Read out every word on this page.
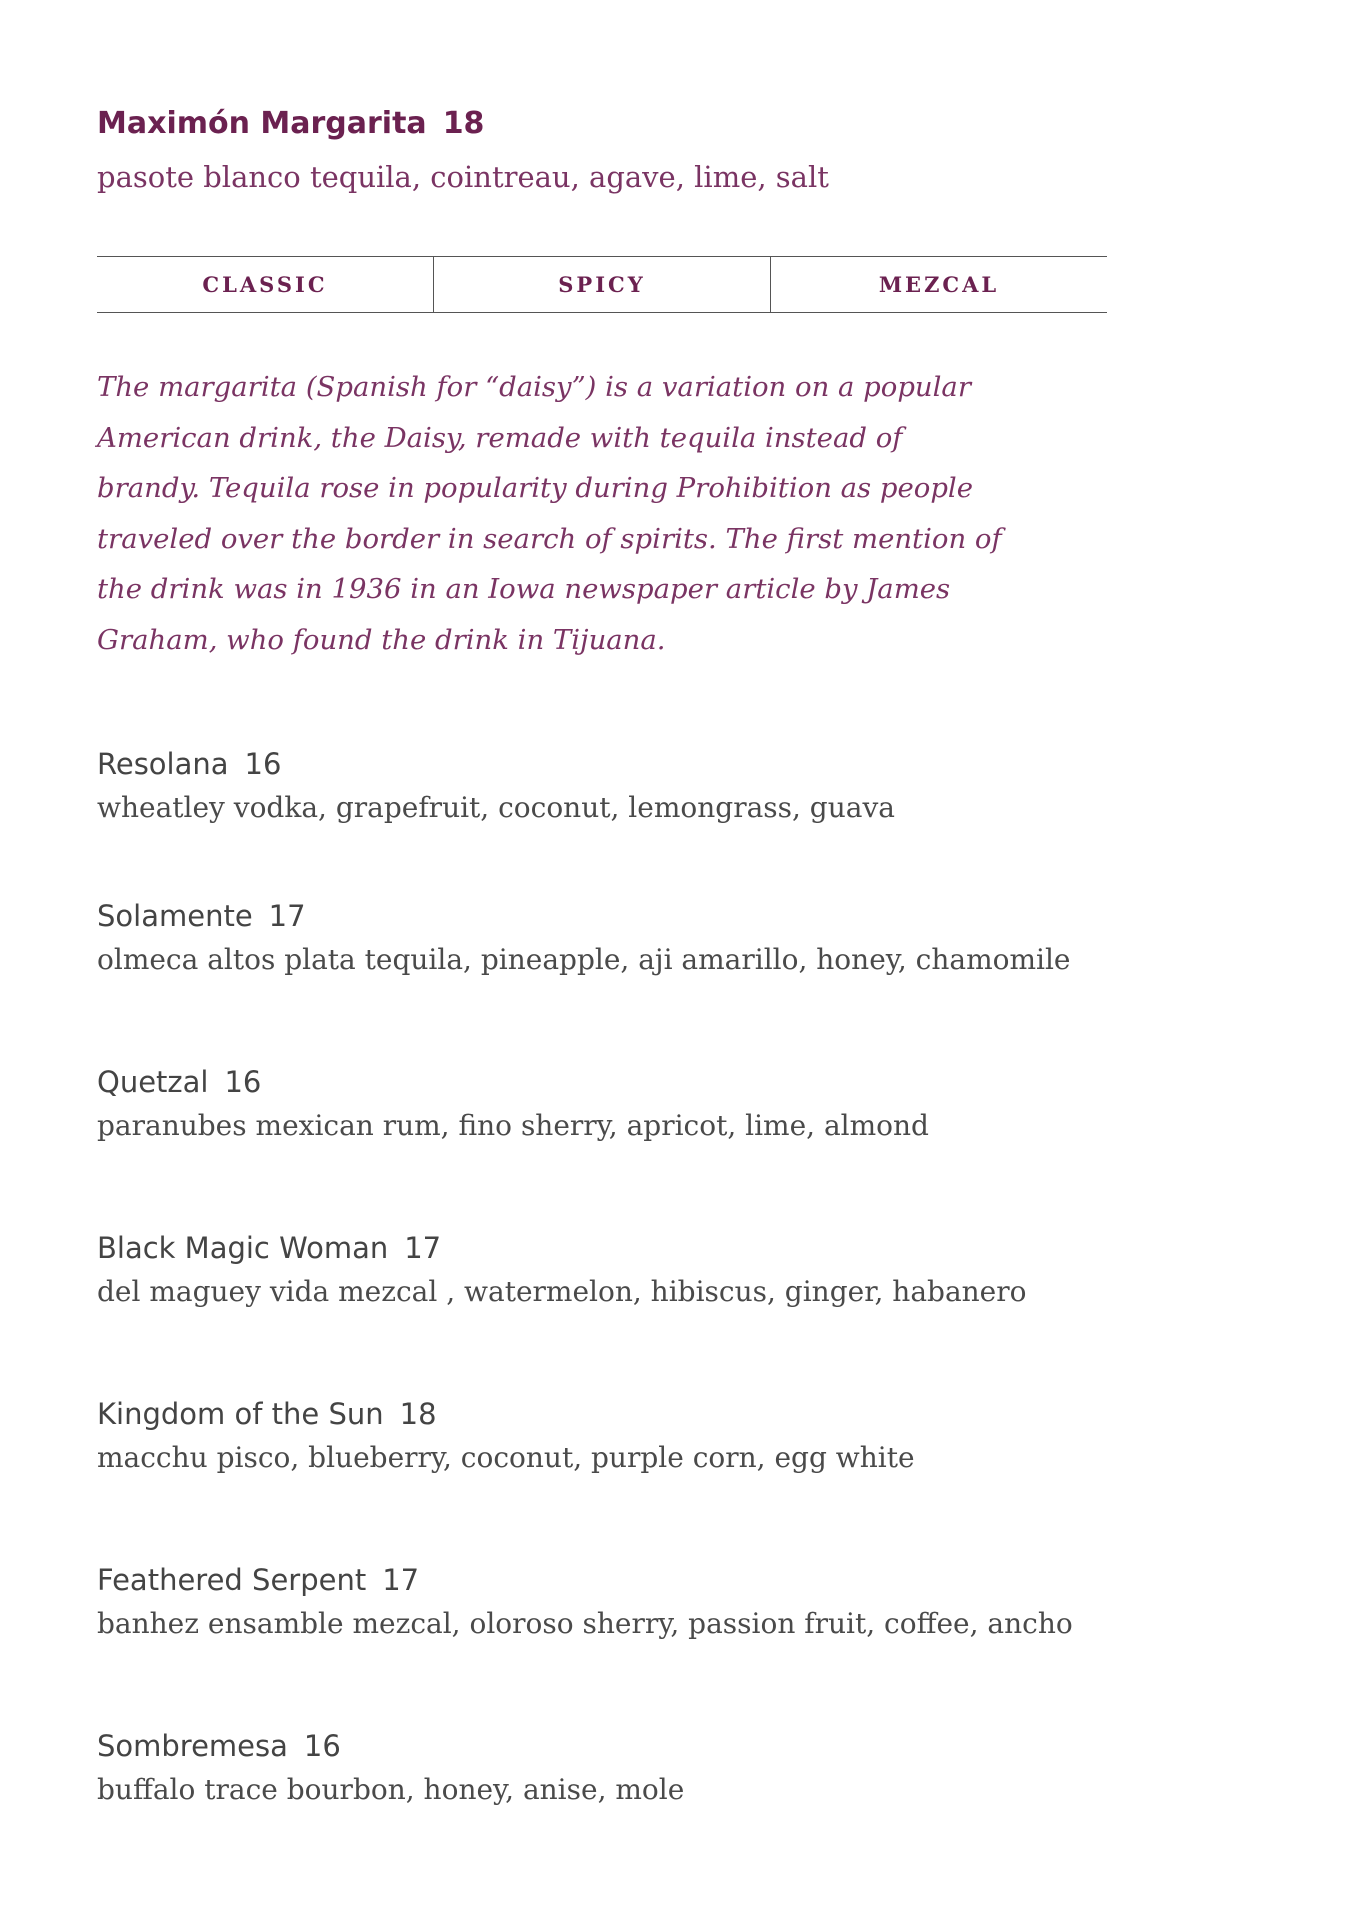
Maximón Margarita 18
pasote blanco tequila, cointreau, agave, lime, salt
CLASSIC	SPICY	MEZCAL
The margarita (Spanish for “daisy”) is a variation on a popular American drink, the Daisy, remade with tequila instead of brandy. Tequila rose in popularity during Prohibition as people traveled over the border in search of spirits. The first mention of the drink was in 1936 in an Iowa newspaper article by James Graham, who found the drink in Tijuana.
Resolana 16
wheatley vodka, grapefruit, coconut, lemongrass, guava
Solamente 17
olmeca altos plata tequila, pineapple, aji amarillo, honey, chamomile
Quetzal 16
paranubes mexican rum, fino sherry, apricot, lime, almond
Black Magic Woman 17
del maguey vida mezcal , watermelon, hibiscus, ginger, habanero
Kingdom of the Sun 18
macchu pisco, blueberry, coconut, purple corn, egg white
Feathered Serpent 17
banhez ensamble mezcal, oloroso sherry, passion fruit, coffee, ancho
Sombremesa 16
buffalo trace bourbon, honey, anise, mole
